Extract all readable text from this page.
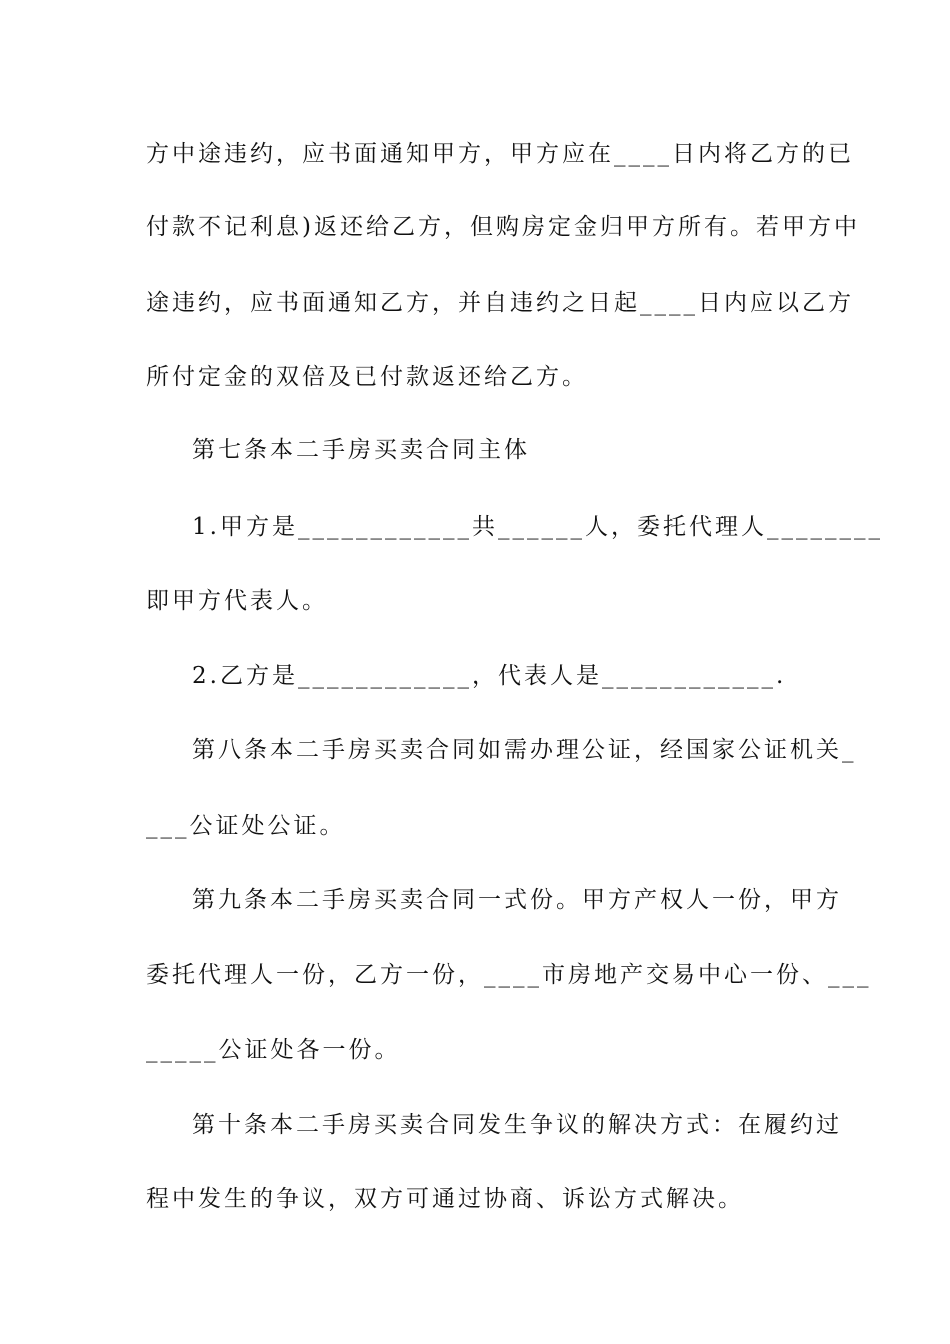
方中途违约，应书面通知甲方，甲方应在____日内将乙方的已
付款不记利息)返还给乙方，但购房定金归甲方所有。若甲方中
途违约，应书面通知乙方，并自违约之日起____日内应以乙方
所付定金的双倍及已付款返还给乙方。
第七条本二手房买卖合同主体
1.甲方是____________共______人，委托代理人________
即甲方代表人。
2.乙方是____________，代表人是____________.
第八条本二手房买卖合同如需办理公证，经国家公证机关_
___公证处公证。
第九条本二手房买卖合同一式份。甲方产权人一份，甲方
委托代理人一份，乙方一份，____市房地产交易中心一份、___
_____公证处各一份。
第十条本二手房买卖合同发生争议的解决方式：在履约过
程中发生的争议，双方可通过协商、诉讼方式解决。
